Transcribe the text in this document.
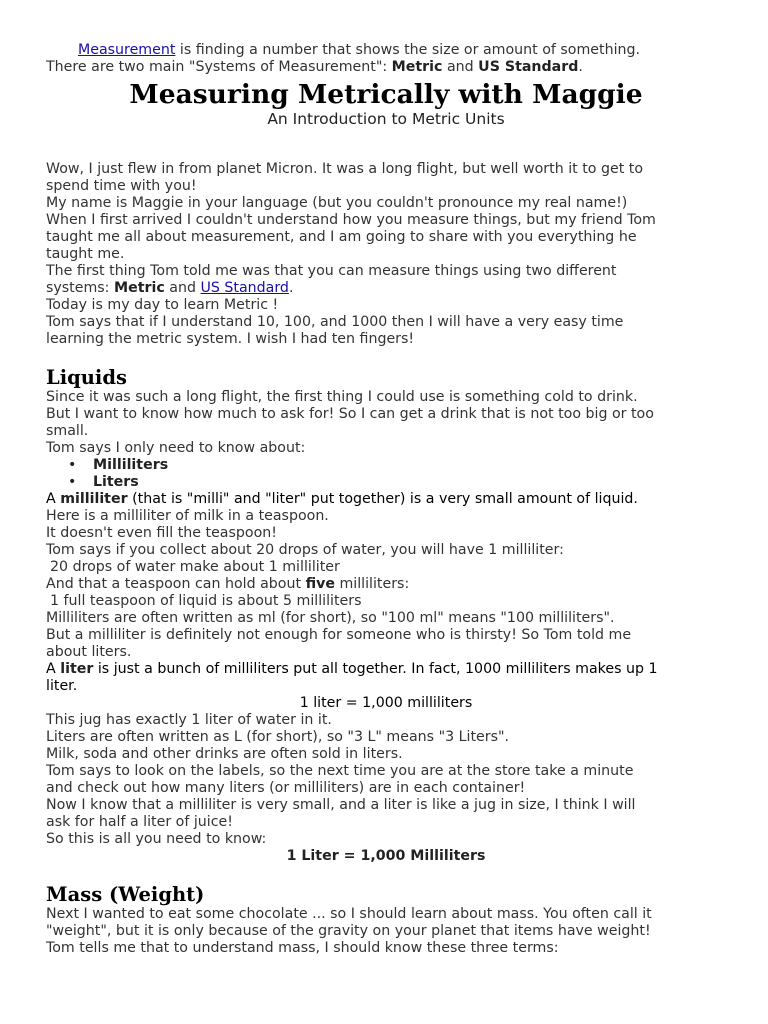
Measurement is finding a number that shows the size or amount of something.
There are two main "Systems of Measurement": Metric and US Standard.
Measuring Metrically with Maggie

An Introduction to Metric Units

Wow, I just flew in from planet Micron. It was a long flight, but well worth it to get to
spend time with you!
My name is Maggie in your language (but you couldn't pronounce my real name!)
When I first arrived I couldn't understand how you measure things, but my friend Tom
taught me all about measurement, and I am going to share with you everything he
taught me.
The first thing Tom told me was that you can measure things using two different
systems: Metric and US Standard.
Today is my day to learn Metric !
Tom says that if I understand 10, 100, and 1000 then I will have a very easy time
learning the metric system. I wish I had ten fingers!
Liquids
Since it was such a long flight, the first thing I could use is something cold to drink.
But I want to know how much to ask for! So I can get a drink that is not too big or too
small.
Tom says I only need to know about:
• Milliliters
• Liters
A milliliter (that is "milli" and "liter" put together) is a very small amount of liquid.
Here is a milliliter of milk in a teaspoon.
It doesn't even fill the teaspoon!
Tom says if you collect about 20 drops of water, you will have 1 milliliter:
20 drops of water make about 1 milliliter
And that a teaspoon can hold about five milliliters:
1 full teaspoon of liquid is about 5 milliliters
Milliliters are often written as ml (for short), so "100 ml" means "100 milliliters".
But a milliliter is definitely not enough for someone who is thirsty! So Tom told me
about liters.
A liter is just a bunch of milliliters put all together. In fact, 1000 milliliters makes up 1
liter.
1 liter = 1,000 milliliters
This jug has exactly 1 liter of water in it.
Liters are often written as L (for short), so "3 L" means "3 Liters".
Milk, soda and other drinks are often sold in liters.
Tom says to look on the labels, so the next time you are at the store take a minute
and check out how many liters (or milliliters) are in each container!
Now I know that a milliliter is very small, and a liter is like a jug in size, I think I will
ask for half a liter of juice!
So this is all you need to know:
1 Liter = 1,000 Milliliters
Mass (Weight)
Next I wanted to eat some chocolate ... so I should learn about mass. You often call it
"weight", but it is only because of the gravity on your planet that items have weight!
Tom tells me that to understand mass, I should know these three terms:
